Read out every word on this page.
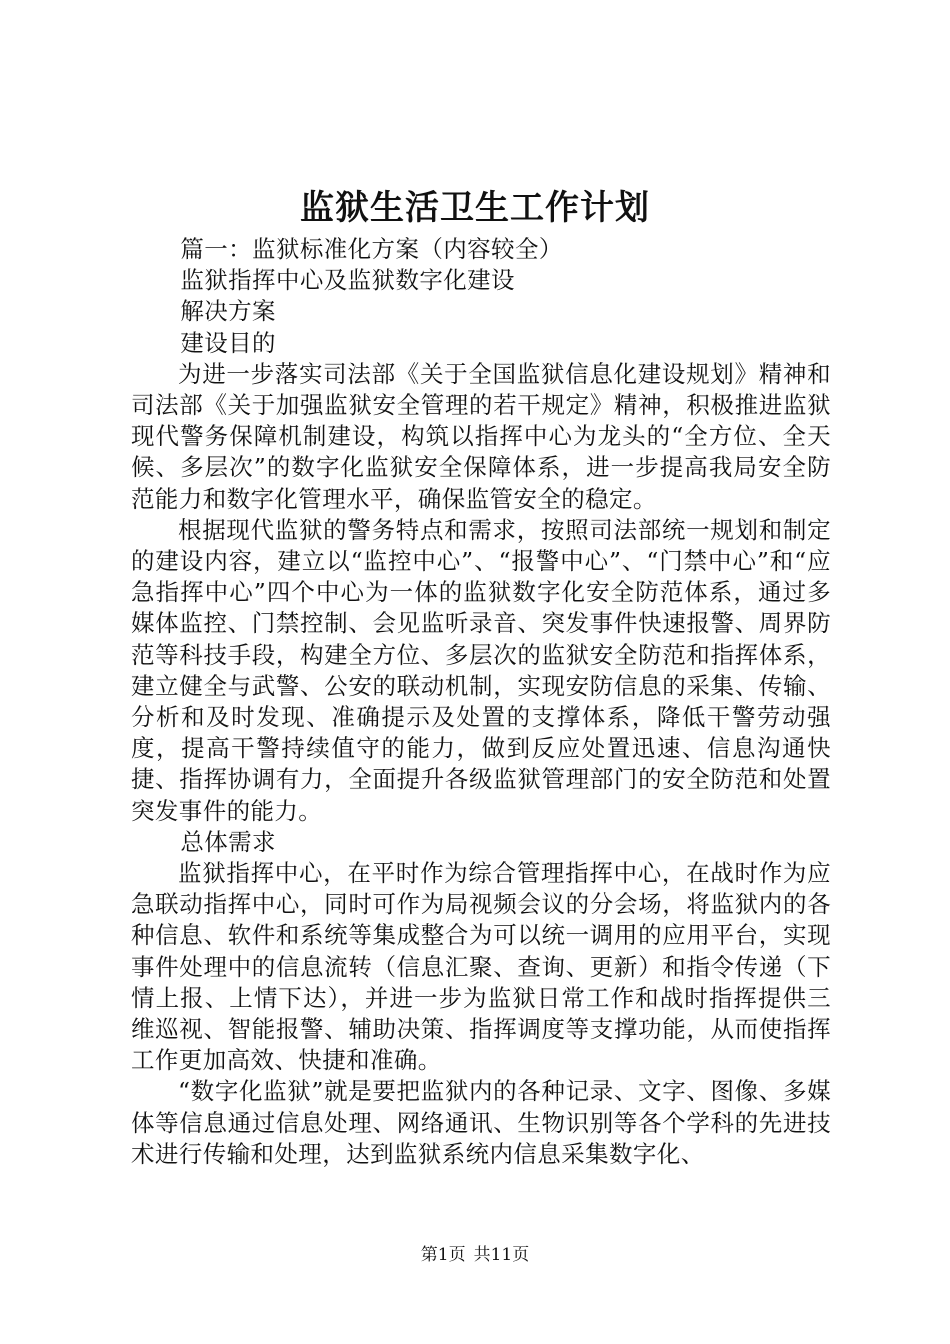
监狱生活卫生工作计划

篇一：监狱标准化方案（内容较全）

监狱指挥中心及监狱数字化建设

解决方案

建设目的

为进一步落实司法部《关于全国监狱信息化建设规划》精神和司法部《关于加强监狱安全管理的若干规定》精神，积极推进监狱现代警务保障机制建设，构筑以指挥中心为龙头的“全方位、全天候、多层次”的数字化监狱安全保障体系，进一步提高我局安全防范能力和数字化管理水平，确保监管安全的稳定。

根据现代监狱的警务特点和需求，按照司法部统一规划和制定的建设内容，建立以“监控中心”、“报警中心”、“门禁中心”和“应急指挥中心”四个中心为一体的监狱数字化安全防范体系，通过多媒体监控、门禁控制、会见监听录音、突发事件快速报警、周界防范等科技手段，构建全方位、多层次的监狱安全防范和指挥体系，建立健全与武警、公安的联动机制，实现安防信息的采集、传输、分析和及时发现、准确提示及处置的支撑体系，降低干警劳动强度，提高干警持续值守的能力，做到反应处置迅速、信息沟通快捷、指挥协调有力，全面提升各级监狱管理部门的安全防范和处置突发事件的能力。

总体需求

监狱指挥中心，在平时作为综合管理指挥中心，在战时作为应急联动指挥中心，同时可作为局视频会议的分会场，将监狱内的各种信息、软件和系统等集成整合为可以统一调用的应用平台，实现事件处理中的信息流转（信息汇聚、查询、更新）和指令传递（下情上报、上情下达），并进一步为监狱日常工作和战时指挥提供三维巡视、智能报警、辅助决策、指挥调度等支撑功能，从而使指挥工作更加高效、快捷和准确。

“数字化监狱”就是要把监狱内的各种记录、文字、图像、多媒体等信息通过信息处理、网络通讯、生物识别等各个学科的先进技术进行传输和处理，达到监狱系统内信息采集数字化、

第1页 共11页
